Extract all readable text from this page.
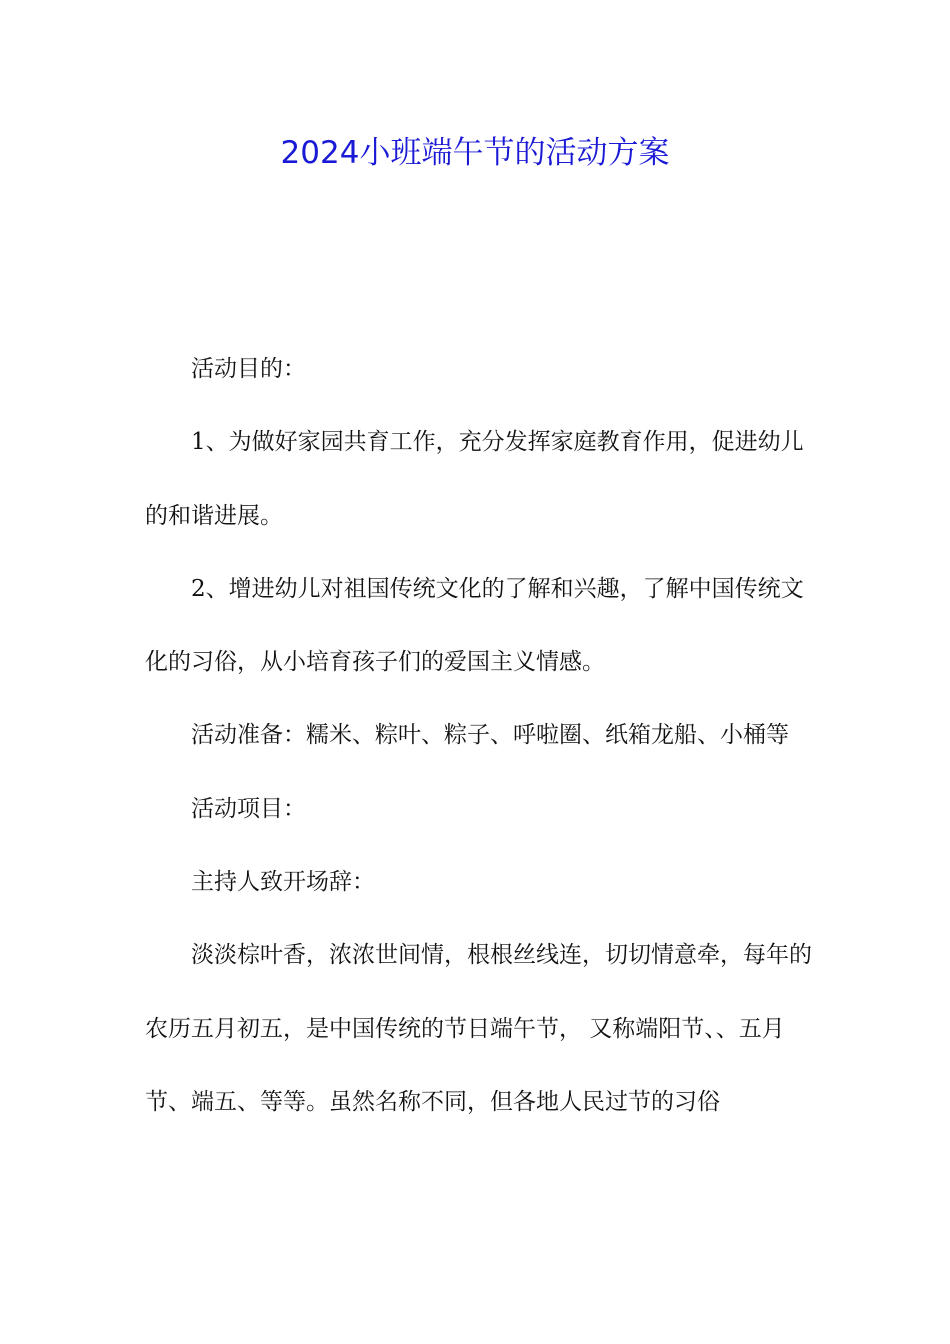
2024小班端午节的活动方案

活动目的：

1、为做好家园共育工作，充分发挥家庭教育作用，促进幼儿的和谐进展。

2、增进幼儿对祖国传统文化的了解和兴趣，了解中国传统文化的习俗，从小培育孩子们的爱国主义情感。

活动准备：糯米、粽叶、粽子、呼啦圈、纸箱龙船、小桶等

活动项目：

主持人致开场辞：

淡淡棕叶香，浓浓世间情，根根丝线连，切切情意牵，每年的农历五月初五，是中国传统的节日端午节， 又称端阳节、、五月节、端五、等等。虽然名称不同，但各地人民过节的习俗
